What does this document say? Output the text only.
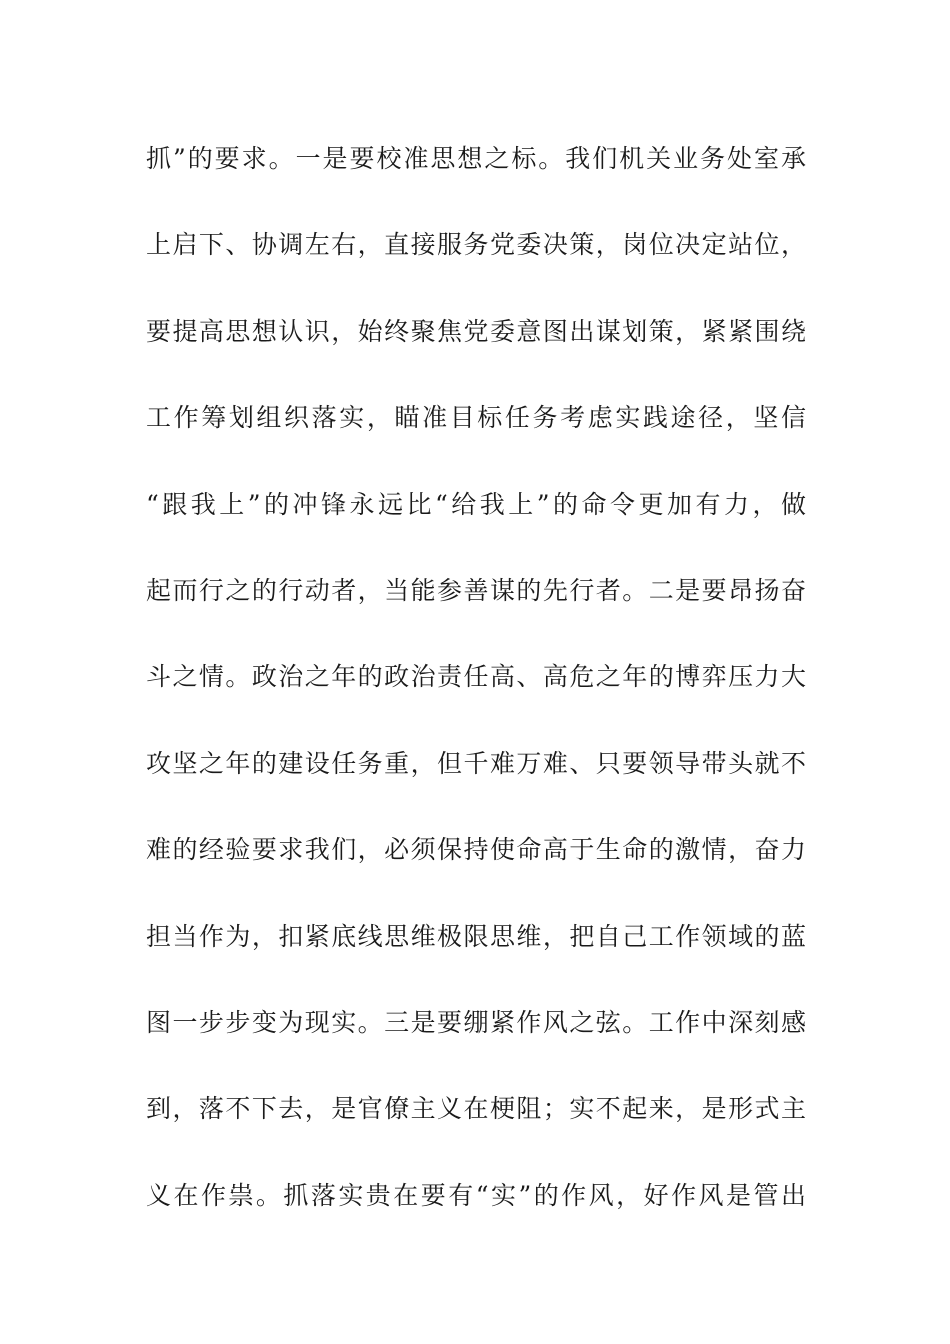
抓”的要求。一是要校准思想之标。我们机关业务处室承
上启下、协调左右，直接服务党委决策，岗位决定站位，
要提高思想认识，始终聚焦党委意图出谋划策，紧紧围绕
工作筹划组织落实，瞄准目标任务考虑实践途径，坚信
“跟我上”的冲锋永远比“给我上”的命令更加有力，做
起而行之的行动者，当能参善谋的先行者。二是要昂扬奋
斗之情。政治之年的政治责任高、高危之年的博弈压力大
攻坚之年的建设任务重，但千难万难、只要领导带头就不
难的经验要求我们，必须保持使命高于生命的激情，奋力
担当作为，扣紧底线思维极限思维，把自己工作领域的蓝
图一步步变为现实。三是要绷紧作风之弦。工作中深刻感
到，落不下去，是官僚主义在梗阻；实不起来，是形式主
义在作祟。抓落实贵在要有“实”的作风，好作风是管出
